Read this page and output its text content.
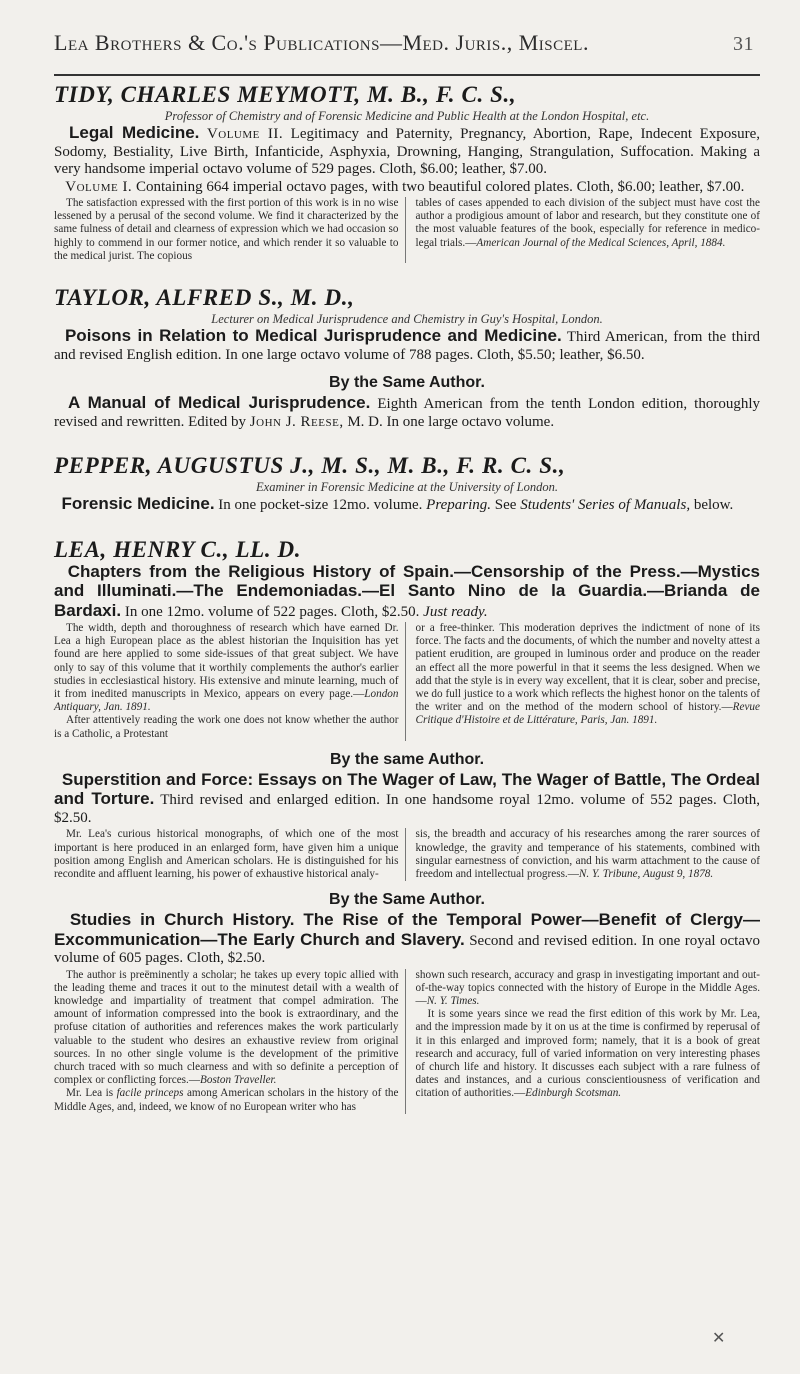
Lea Brothers & Co.'s Publications—Med. Juris., Miscel.	31
TIDY, CHARLES MEYMOTT, M. B., F. C. S.,
Professor of Chemistry and of Forensic Medicine and Public Health at the London Hospital, etc.

Legal Medicine. Volume II. Legitimacy and Paternity, Pregnancy, Abortion, Rape, Indecent Exposure, Sodomy, Bestiality, Live Birth, Infanticide, Asphyxia, Drowning, Hanging, Strangulation, Suffocation. Making a very handsome imperial octavo volume of 529 pages. Cloth, $6.00; leather, $7.00.

Volume I. Containing 664 imperial octavo pages, with two beautiful colored plates. Cloth, $6.00; leather, $7.00.

The satisfaction expressed with the first portion of this work is in no wise lessened by a perusal of the second volume. We find it characterized by the same fulness of detail and clearness of expression which we had occasion so highly to commend in our former notice, and which render it so valuable to the medical jurist. The copious

tables of cases appended to each division of the subject must have cost the author a prodigious amount of labor and research, but they constitute one of the most valuable features of the book, especially for reference in medico-legal trials.—American Journal of the Medical Sciences, April, 1884.

TAYLOR, ALFRED S., M. D.,
Lecturer on Medical Jurisprudence and Chemistry in Guy's Hospital, London.

Poisons in Relation to Medical Jurisprudence and Medicine. Third American, from the third and revised English edition. In one large octavo volume of 788 pages. Cloth, $5.50; leather, $6.50.

By the Same Author.

A Manual of Medical Jurisprudence. Eighth American from the tenth London edition, thoroughly revised and rewritten. Edited by John J. Reese, M. D. In one large octavo volume.

PEPPER, AUGUSTUS J., M. S., M. B., F. R. C. S.,
Examiner in Forensic Medicine at the University of London.

Forensic Medicine. In one pocket-size 12mo. volume. Preparing. See Students' Series of Manuals, below.

LEA, HENRY C., LL. D.

Chapters from the Religious History of Spain.—Censorship of the Press.—Mystics and Illuminati.—The Endemoniadas.—El Santo Nino de la Guardia.—Brianda de Bardaxi. In one 12mo. volume of 522 pages. Cloth, $2.50. Just ready.

The width, depth and thoroughness of research which have earned Dr. Lea a high European place as the ablest historian the Inquisition has yet found are here applied to some side-issues of that great subject. We have only to say of this volume that it worthily complements the author's earlier studies in ecclesiastical history. His extensive and minute learning, much of it from inedited manuscripts in Mexico, appears on every page.—London Antiquary, Jan. 1891.

After attentively reading the work one does not know whether the author is a Catholic, a Protestant

or a free-thinker. This moderation deprives the indictment of none of its force. The facts and the documents, of which the number and novelty attest a patient erudition, are grouped in luminous order and produce on the reader an effect all the more powerful in that it seems the less designed. When we add that the style is in every way excellent, that it is clear, sober and precise, we do full justice to a work which reflects the highest honor on the talents of the writer and on the method of the modern school of history.—Revue Critique d'Histoire et de Littérature, Paris, Jan. 1891.

By the same Author.

Superstition and Force: Essays on The Wager of Law, The Wager of Battle, The Ordeal and Torture. Third revised and enlarged edition. In one handsome royal 12mo. volume of 552 pages. Cloth, $2.50.

Mr. Lea's curious historical monographs, of which one of the most important is here produced in an enlarged form, have given him a unique position among English and American scholars. He is distinguished for his recondite and affluent learning, his power of exhaustive historical analy-

sis, the breadth and accuracy of his researches among the rarer sources of knowledge, the gravity and temperance of his statements, combined with singular earnestness of conviction, and his warm attachment to the cause of freedom and intellectual progress.—N. Y. Tribune, August 9, 1878.

By the Same Author.

Studies in Church History. The Rise of the Temporal Power—Benefit of Clergy—Excommunication—The Early Church and Slavery. Second and revised edition. In one royal octavo volume of 605 pages. Cloth, $2.50.

The author is preëminently a scholar; he takes up every topic allied with the leading theme and traces it out to the minutest detail with a wealth of knowledge and impartiality of treatment that compel admiration. The amount of information compressed into the book is extraordinary, and the profuse citation of authorities and references makes the work particularly valuable to the student who desires an exhaustive review from original sources. In no other single volume is the development of the primitive church traced with so much clearness and with so definite a perception of complex or conflicting forces.—Boston Traveller.

Mr. Lea is facile princeps among American scholars in the history of the Middle Ages, and, indeed, we know of no European writer who has

shown such research, accuracy and grasp in investigating important and out-of-the-way topics connected with the history of Europe in the Middle Ages.—N. Y. Times.

It is some years since we read the first edition of this work by Mr. Lea, and the impression made by it on us at the time is confirmed by reperusal of it in this enlarged and improved form; namely, that it is a book of great research and accuracy, full of varied information on very interesting phases of church life and history. It discusses each subject with a rare fulness of dates and instances, and a curious conscientiousness of verification and citation of authorities.—Edinburgh Scotsman.

✕
